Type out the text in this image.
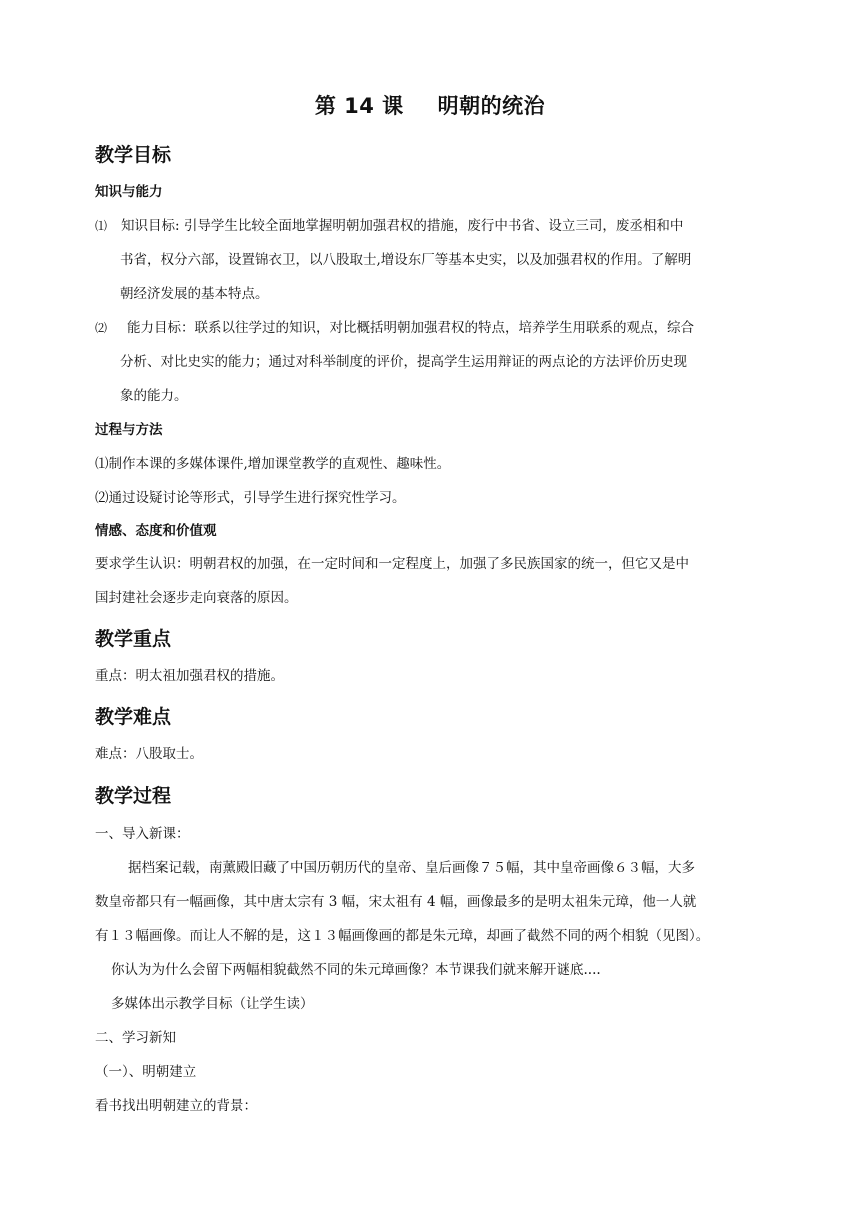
第 14 课 明朝的统治
教学目标
知识与能力
⑴ 知识目标: 引导学生比较全面地掌握明朝加强君权的措施，废行中书省、设立三司，废丞相和中
书省，权分六部，设置锦衣卫，以八股取士,增设东厂等基本史实，以及加强君权的作用。了解明
朝经济发展的基本特点。
⑵ 能力目标：联系以往学过的知识，对比概括明朝加强君权的特点，培养学生用联系的观点，综合
分析、对比史实的能力；通过对科举制度的评价，提高学生运用辩证的两点论的方法评价历史现
象的能力。
过程与方法
⑴制作本课的多媒体课件,增加课堂教学的直观性、趣味性。
⑵通过设疑讨论等形式，引导学生进行探究性学习。
情感、态度和价值观
要求学生认识：明朝君权的加强，在一定时间和一定程度上，加强了多民族国家的统一，但它又是中
国封建社会逐步走向衰落的原因。
教学重点
重点：明太祖加强君权的措施。
教学难点
难点：八股取士。
教学过程
一、导入新课：
据档案记载，南薰殿旧藏了中国历朝历代的皇帝、皇后画像７５幅，其中皇帝画像６３幅，大多
数皇帝都只有一幅画像，其中唐太宗有 3 幅，宋太祖有 4 幅，画像最多的是明太祖朱元璋，他一人就
有１３幅画像。而让人不解的是，这１３幅画像画的都是朱元璋，却画了截然不同的两个相貌（见图）。
你认为为什么会留下两幅相貌截然不同的朱元璋画像？本节课我们就来解开谜底....
多媒体出示教学目标（让学生读）
二、学习新知
（一）、明朝建立
看书找出明朝建立的背景：
